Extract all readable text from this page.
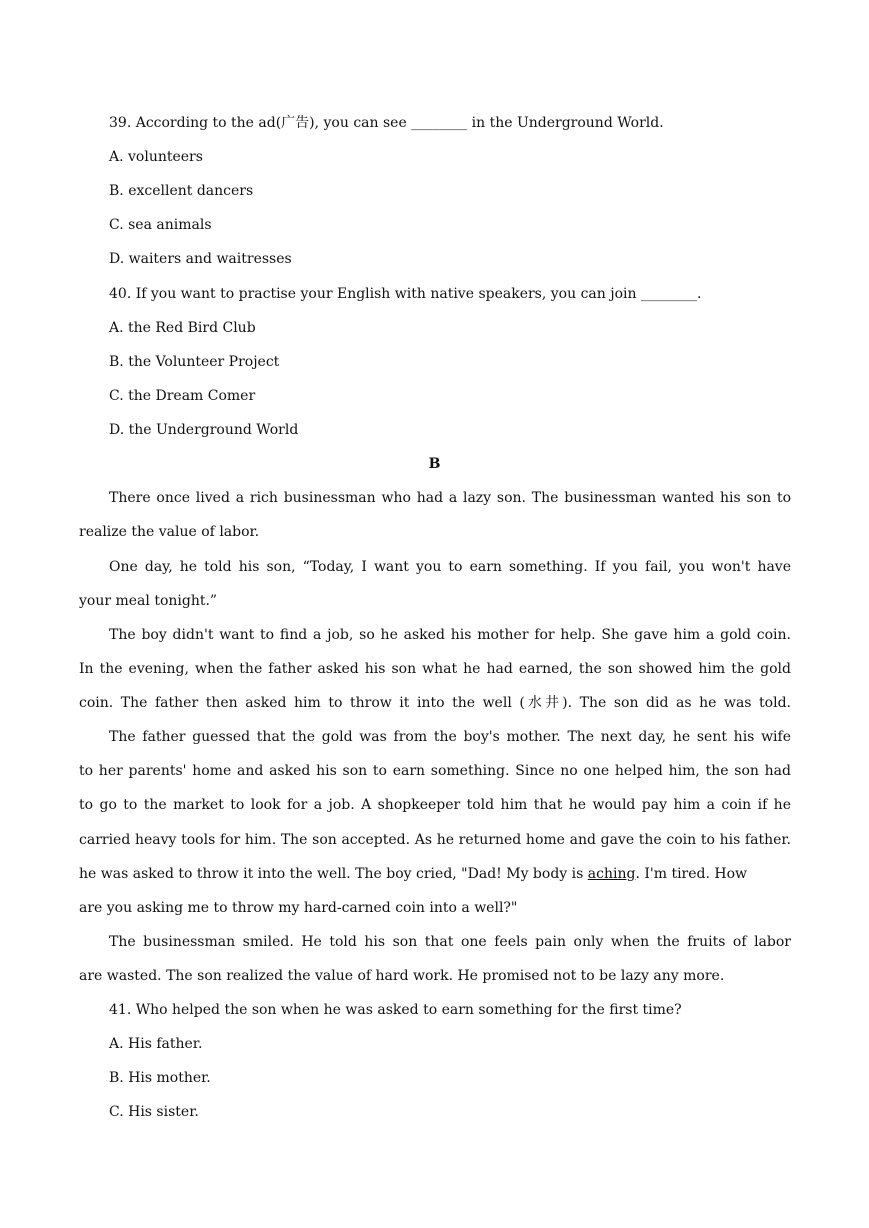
39. According to the ad(广告), you can see ________ in the Underground World.
A. volunteers
B. excellent dancers
C. sea animals
D. waiters and waitresses
40. If you want to practise your English with native speakers, you can join ________.
A. the Red Bird Club
B. the Volunteer Project
C. the Dream Comer
D. the Underground World
B
There once lived a rich businessman who had a lazy son. The businessman wanted his son to
realize the value of labor.
One day, he told his son, “Today, I want you to earn something. If you fail, you won't have
your meal tonight.”
The boy didn't want to find a job, so he asked his mother for help. She gave him a gold coin.
In the evening, when the father asked his son what he had earned, the son showed him the gold
coin. The father then asked him to throw it into the well (水井). The son did as he was told.
The father guessed that the gold was from the boy's mother. The next day, he sent his wife
to her parents' home and asked his son to earn something. Since no one helped him, the son had
to go to the market to look for a job. A shopkeeper told him that he would pay him a coin if he
carried heavy tools for him. The son accepted. As he returned home and gave the coin to his father.
he was asked to throw it into the well. The boy cried, "Dad! My body is aching. I'm tired. How
are you asking me to throw my hard-carned coin into a well?"
The businessman smiled. He told his son that one feels pain only when the fruits of labor
are wasted. The son realized the value of hard work. He promised not to be lazy any more.
41. Who helped the son when he was asked to earn something for the first time?
A. His father.
B. His mother.
C. His sister.
